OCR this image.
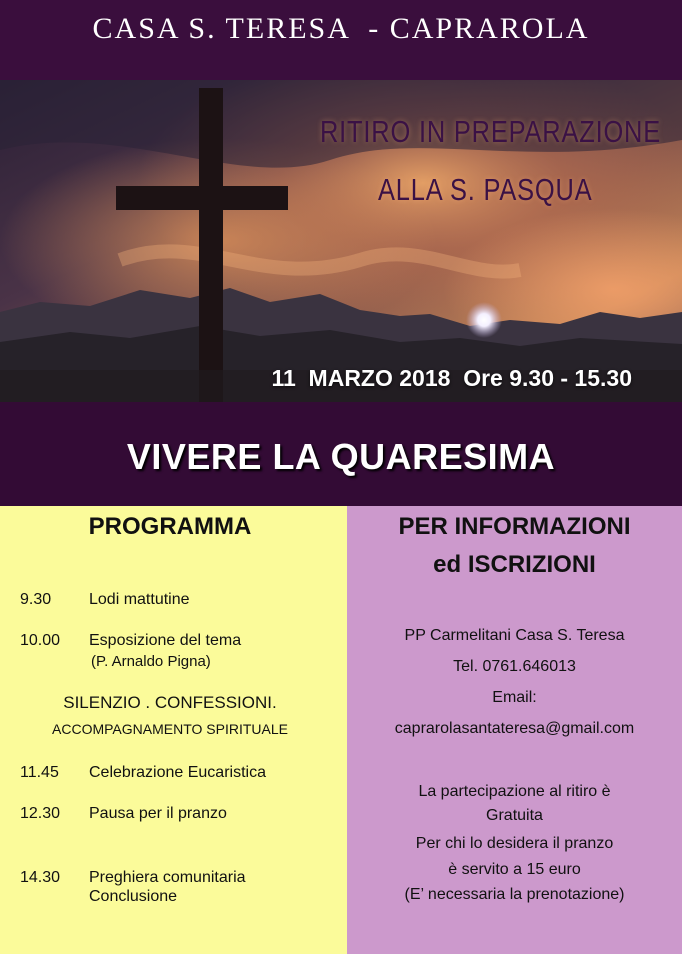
CASA S. TERESA  - CAPRAROLA
RITIRO IN PREPARAZIONE
ALLA S. PASQUA
11  MARZO 2018  Ore 9.30 - 15.30
VIVERE LA QUARESIMA
PROGRAMMA
9.30 Lodi mattutine
10.00 Esposizione del tema
(P. Arnaldo Pigna)
SILENZIO . CONFESSIONI.
ACCOMPAGNAMENTO SPIRITUALE
11.45 Celebrazione Eucaristica
12.30 Pausa per il pranzo
14.30 Preghiera comunitaria
Conclusione
PER INFORMAZIONI
ed ISCRIZIONI
PP Carmelitani Casa S. Teresa
Tel. 0761.646013
Email:
caprarolasantateresa@gmail.com
La partecipazione al ritiro è
Gratuita
Per chi lo desidera il pranzo
è servito a 15 euro
(E’ necessaria la prenotazione)
